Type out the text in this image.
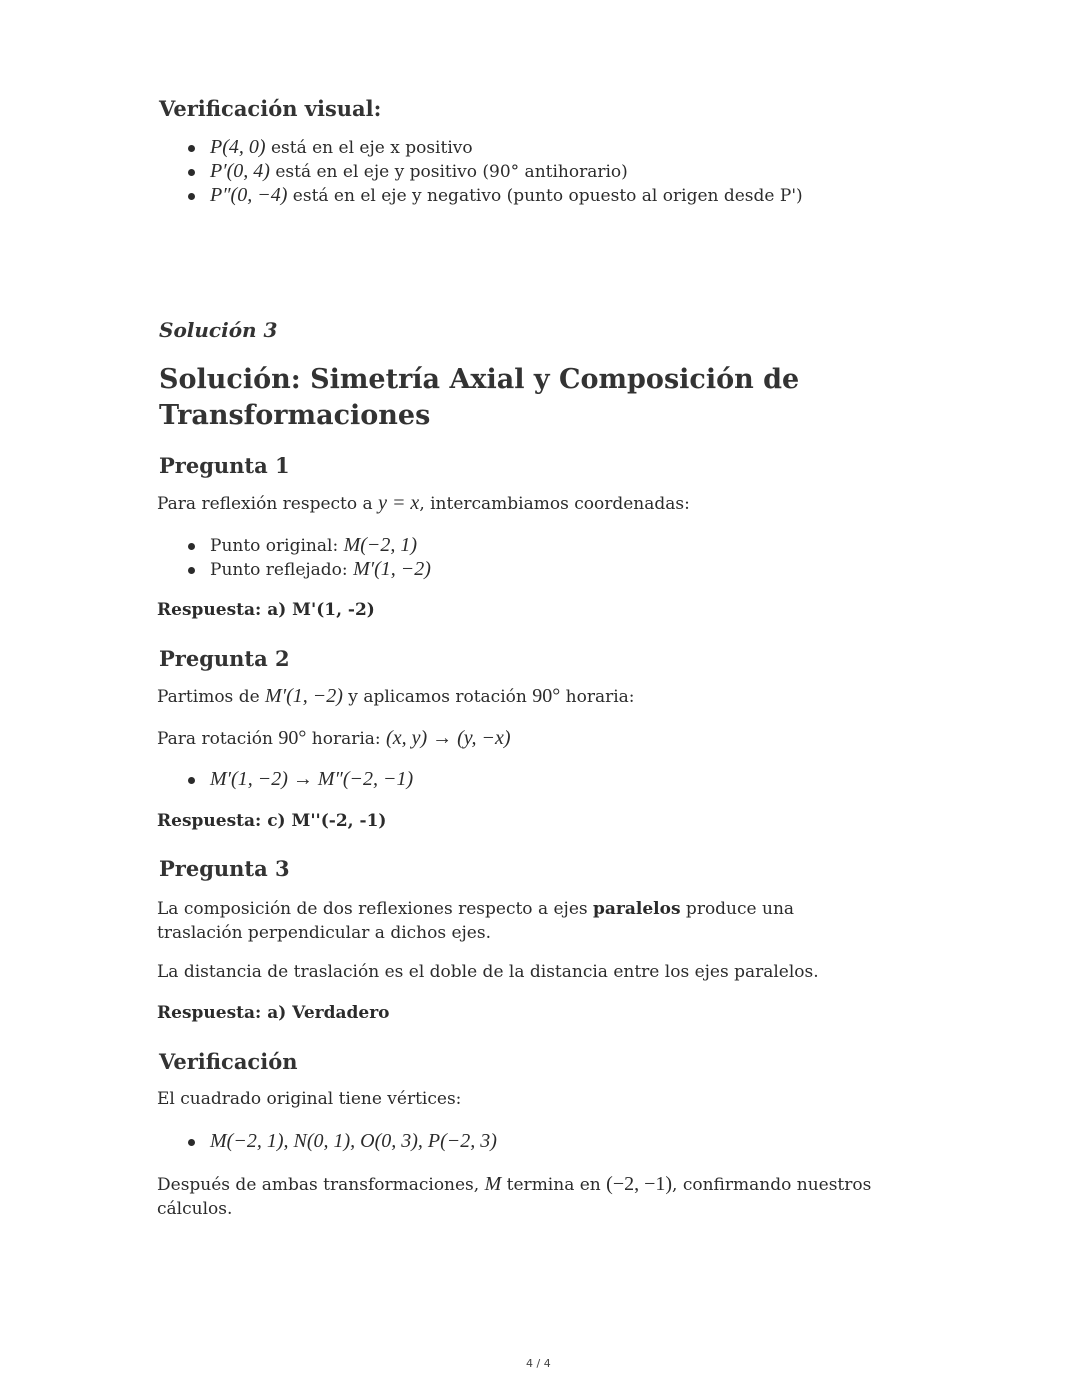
Verificación visual:
P(4, 0) está en el eje x positivo
P′(0, 4) está en el eje y positivo (90° antihorario)
P″(0, −4) está en el eje y negativo (punto opuesto al origen desde P')
Solución 3
Solución: Simetría Axial y Composición de Transformaciones
Pregunta 1
Para reflexión respecto a y = x, intercambiamos coordenadas:
Punto original: M(−2, 1)
Punto reflejado: M′(1, −2)
Respuesta: a) M'(1, -2)
Pregunta 2
Partimos de M′(1, −2) y aplicamos rotación 90° horaria:
Para rotación 90° horaria: (x, y) → (y, −x)
M′(1, −2) → M″(−2, −1)
Respuesta: c) M''(-2, -1)
Pregunta 3
La composición de dos reflexiones respecto a ejes paralelos produce una traslación perpendicular a dichos ejes.
La distancia de traslación es el doble de la distancia entre los ejes paralelos.
Respuesta: a) Verdadero
Verificación
El cuadrado original tiene vértices:
M(−2, 1), N(0, 1), O(0, 3), P(−2, 3)
Después de ambas transformaciones, M termina en (−2, −1), confirmando nuestros cálculos.
4 / 4
